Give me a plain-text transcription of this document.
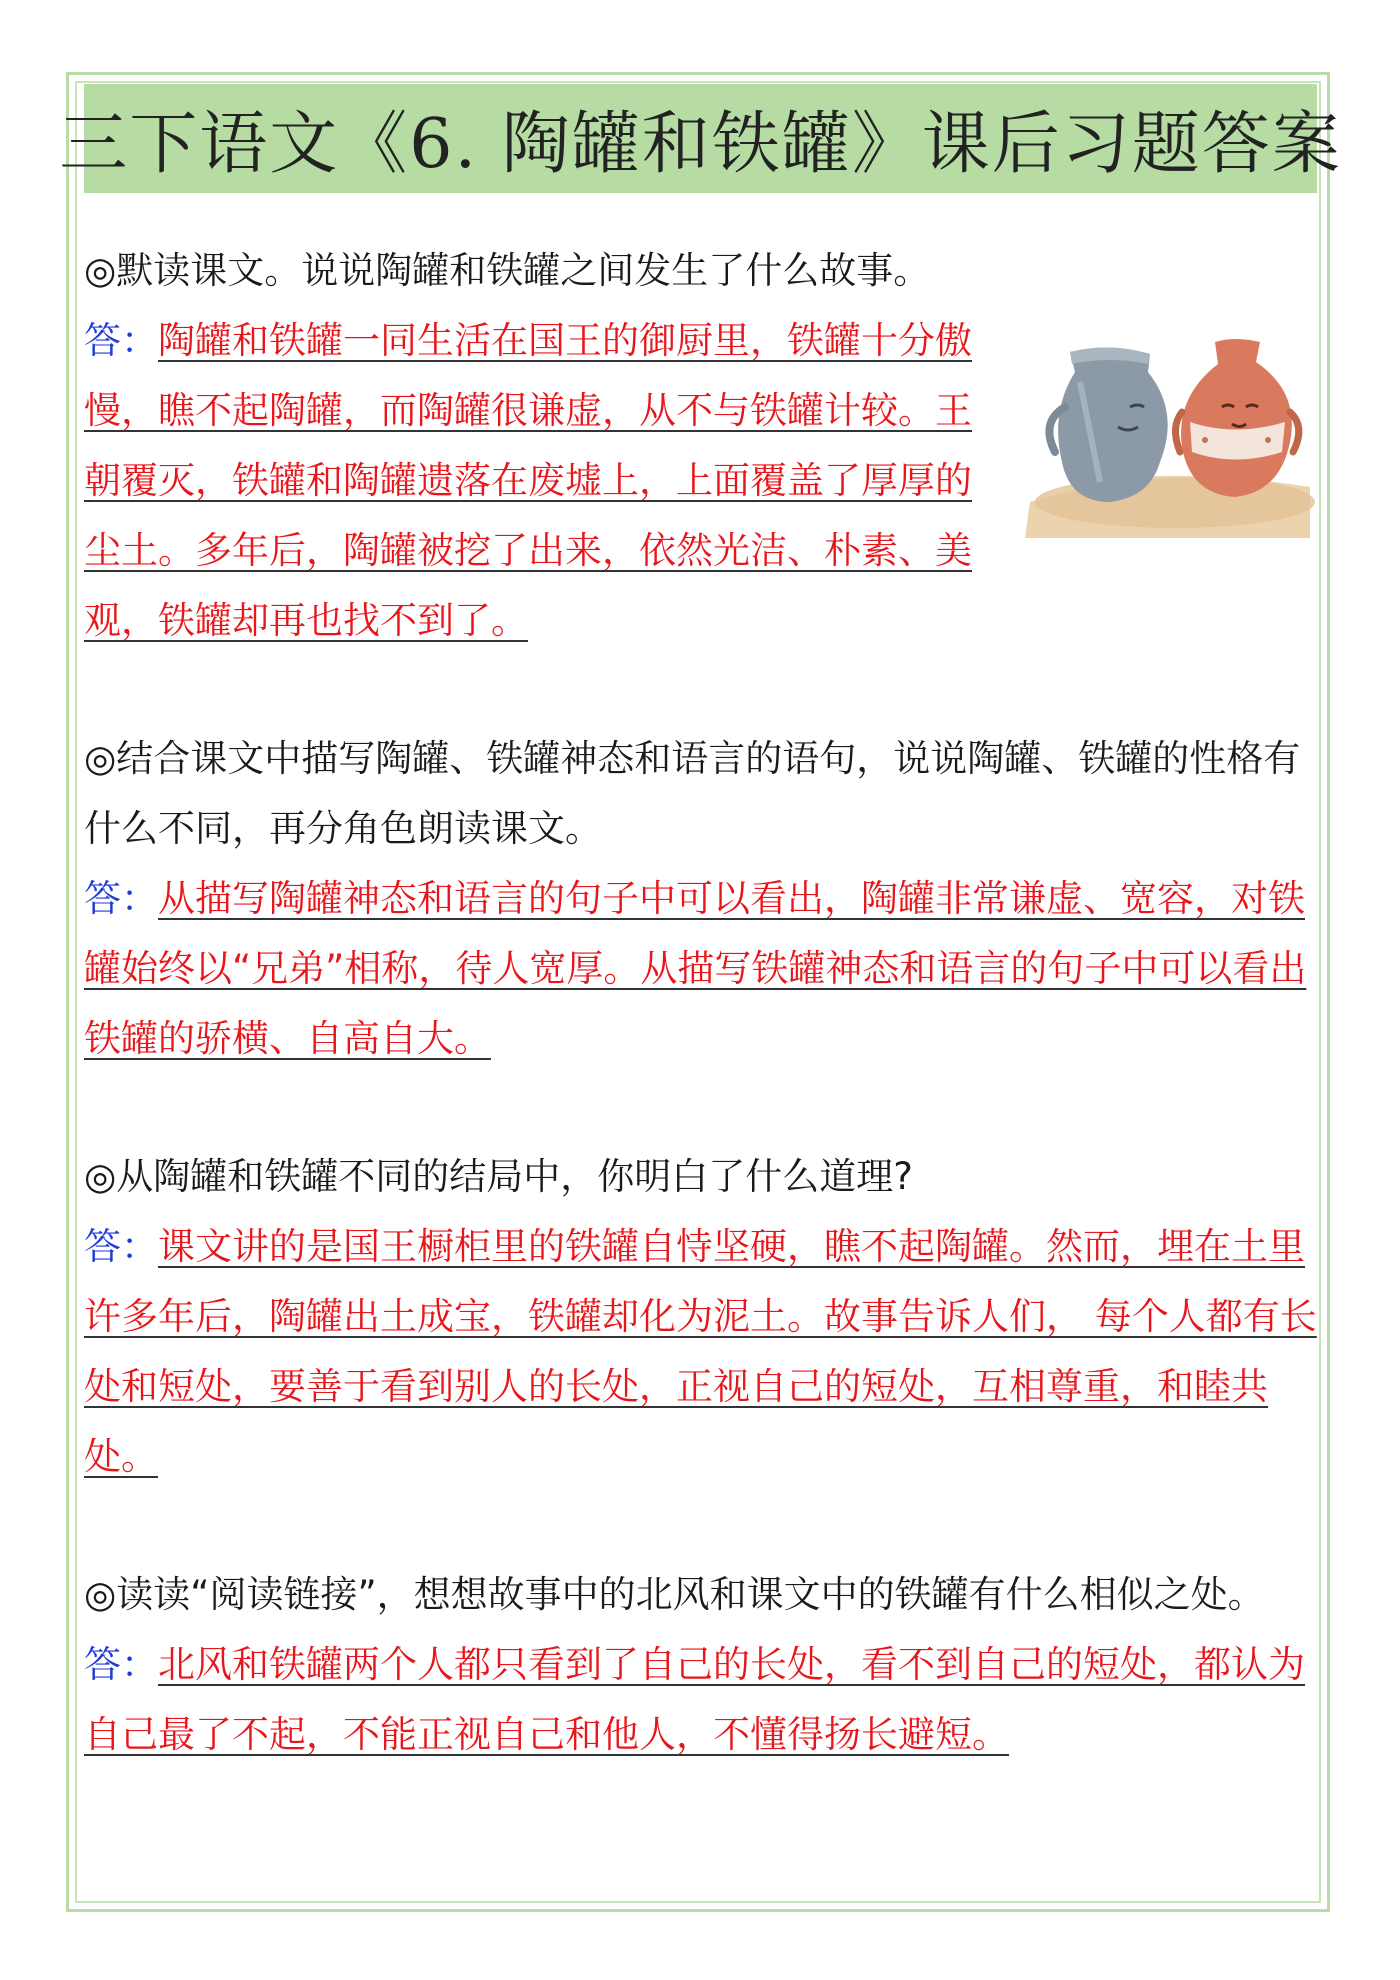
三下语文《6. 陶罐和铁罐》课后习题答案

◎默读课文。说说陶罐和铁罐之间发生了什么故事。

答：陶罐和铁罐一同生活在国王的御厨里，铁罐十分傲慢，瞧不起陶罐，而陶罐很谦虚，从不与铁罐计较。王朝覆灭，铁罐和陶罐遗落在废墟上，上面覆盖了厚厚的尘土。多年后，陶罐被挖了出来，依然光洁、朴素、美观，铁罐却再也找不到了。

◎结合课文中描写陶罐、铁罐神态和语言的语句，说说陶罐、铁罐的性格有什么不同，再分角色朗读课文。

答：从描写陶罐神态和语言的句子中可以看出，陶罐非常谦虚、宽容，对铁罐始终以“兄弟”相称，待人宽厚。从描写铁罐神态和语言的句子中可以看出铁罐的骄横、自高自大。

◎从陶罐和铁罐不同的结局中，你明白了什么道理?

答：课文讲的是国王橱柜里的铁罐自恃坚硬，瞧不起陶罐。然而，埋在土里许多年后，陶罐出土成宝，铁罐却化为泥土。故事告诉人们， 每个人都有长处和短处，要善于看到别人的长处，正视自己的短处，互相尊重，和睦共处。

◎读读“阅读链接”，想想故事中的北风和课文中的铁罐有什么相似之处。

答：北风和铁罐两个人都只看到了自己的长处，看不到自己的短处，都认为自己最了不起，不能正视自己和他人，不懂得扬长避短。
